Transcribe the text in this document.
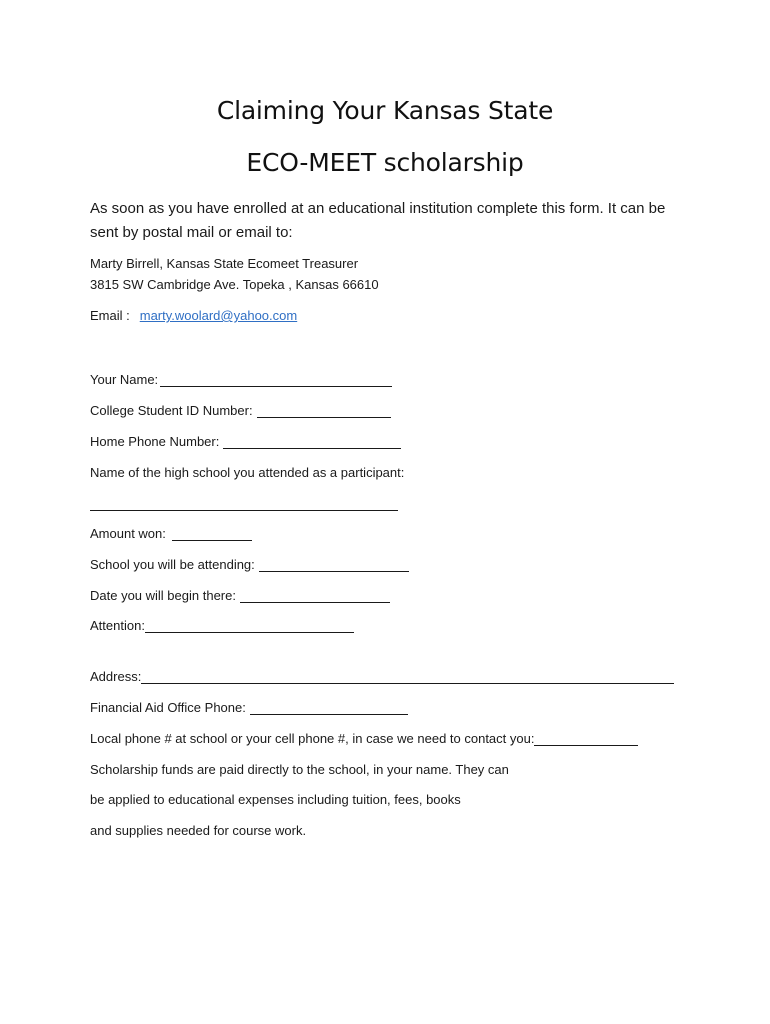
Claiming Your Kansas State
ECO-MEET scholarship
As soon as you have enrolled at an educational institution complete this form. It can be sent by postal mail or email to:
Marty Birrell, Kansas State Ecomeet Treasurer
3815 SW Cambridge Ave. Topeka , Kansas 66610
Email : marty.woolard@yahoo.com
Your Name:
College Student ID Number:
Home Phone Number:
Name of the high school you attended as a participant:
Amount won:
School you will be attending:
Date you will begin there:
Attention:
Address:
Financial Aid Office Phone:
Local phone # at school or your cell phone #, in case we need to contact you:
Scholarship funds are paid directly to the school, in your name. They can
be applied to educational expenses including tuition, fees, books
and supplies needed for course work.
